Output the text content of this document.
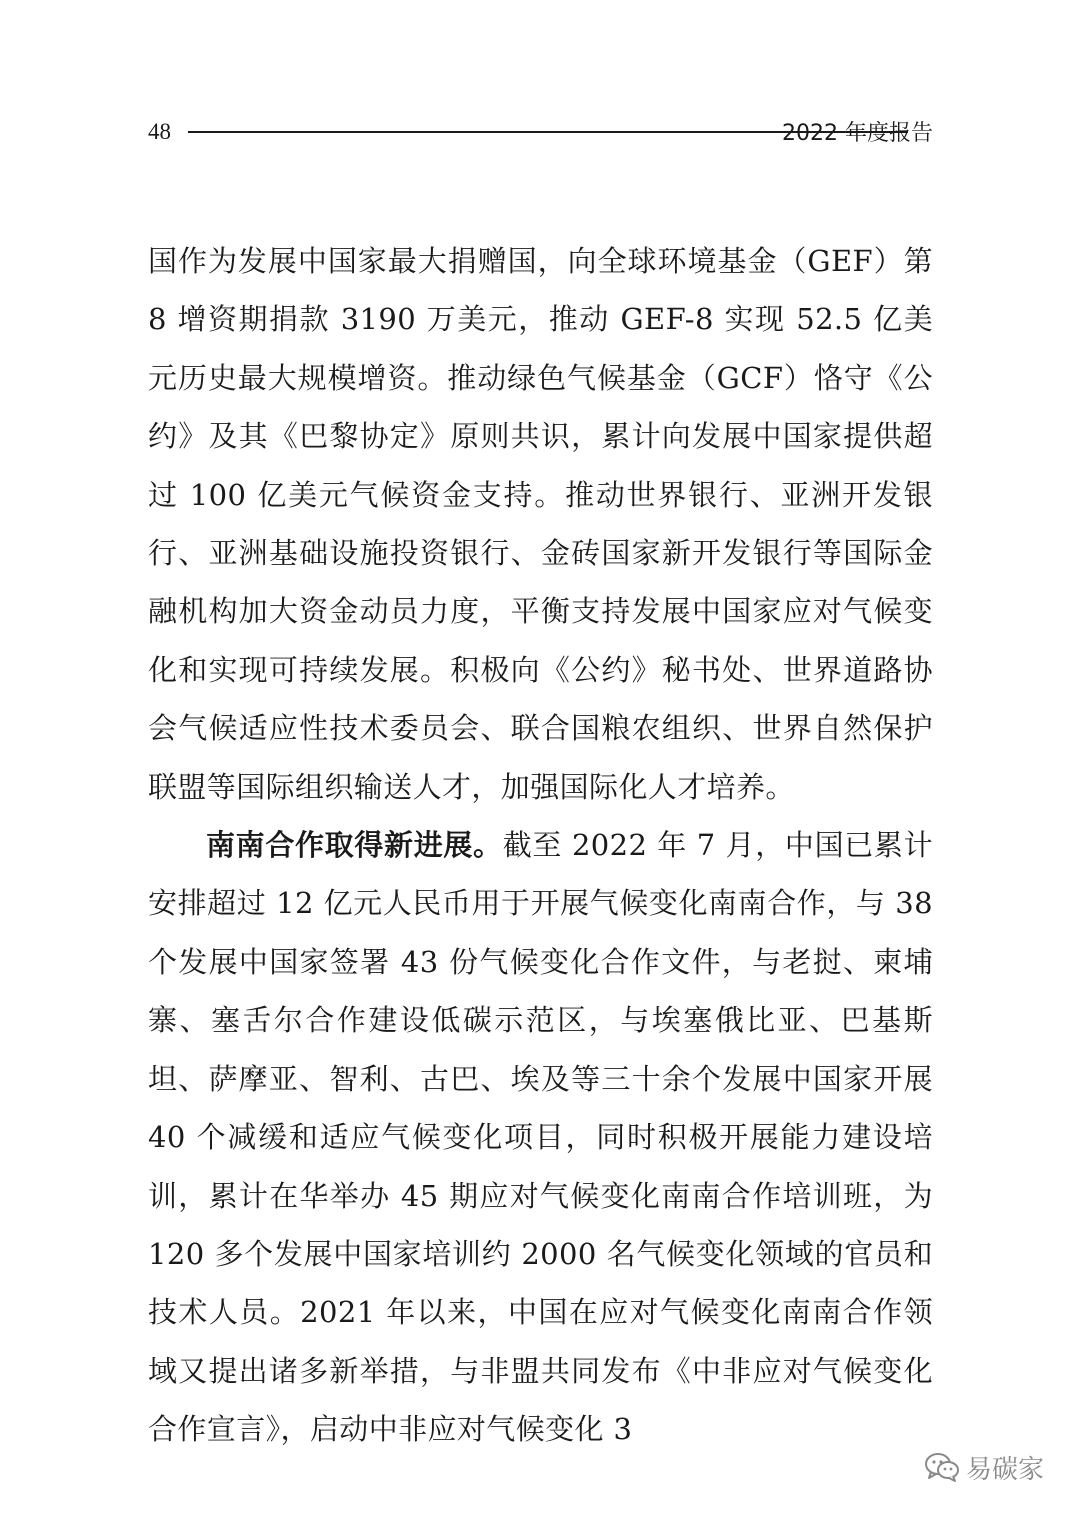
48	2022 年度报告

国作为发展中国家最大捐赠国，向全球环境基金（GEF）第 8 增资期捐款 3190 万美元，推动 GEF-8 实现 52.5 亿美元历史最大规模增资。推动绿色气候基金（GCF）恪守《公约》及其《巴黎协定》原则共识，累计向发展中国家提供超过 100 亿美元气候资金支持。推动世界银行、亚洲开发银行、亚洲基础设施投资银行、金砖国家新开发银行等国际金融机构加大资金动员力度，平衡支持发展中国家应对气候变化和实现可持续发展。积极向《公约》秘书处、世界道路协会气候适应性技术委员会、联合国粮农组织、世界自然保护联盟等国际组织输送人才，加强国际化人才培养。

南南合作取得新进展。截至 2022 年 7 月，中国已累计安排超过 12 亿元人民币用于开展气候变化南南合作，与 38 个发展中国家签署 43 份气候变化合作文件，与老挝、柬埔寨、塞舌尔合作建设低碳示范区，与埃塞俄比亚、巴基斯坦、萨摩亚、智利、古巴、埃及等三十余个发展中国家开展 40 个减缓和适应气候变化项目，同时积极开展能力建设培训，累计在华举办 45 期应对气候变化南南合作培训班，为 120 多个发展中国家培训约 2000 名气候变化领域的官员和技术人员。2021 年以来，中国在应对气候变化南南合作领域又提出诸多新举措，与非盟共同发布《中非应对气候变化合作宣言》，启动中非应对气候变化 3

易碳家
